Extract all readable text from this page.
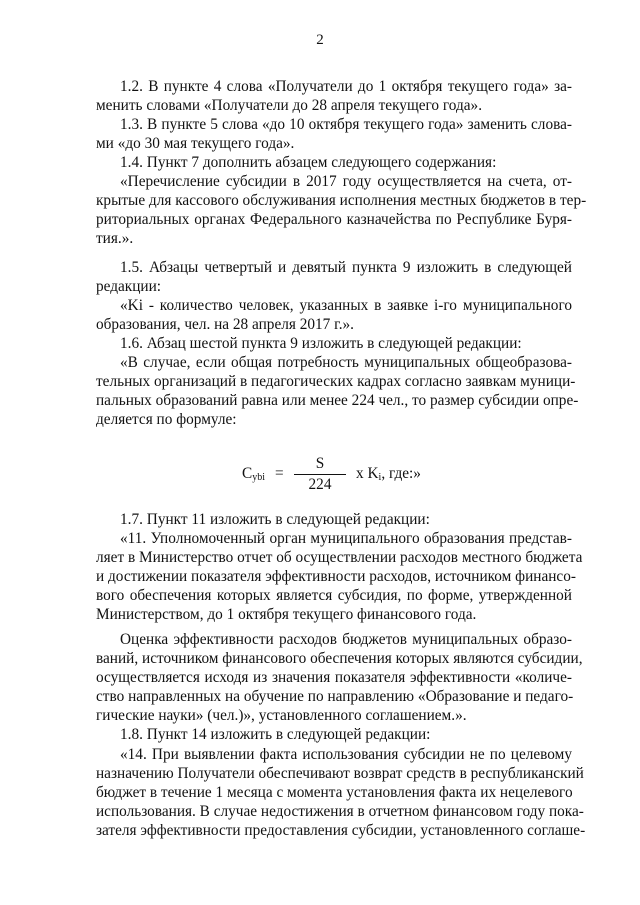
2
1.2. В пункте 4 слова «Получатели до 1 октября текущего года» за-
менить словами «Получатели до 28 апреля текущего года».
1.3. В пункте 5 слова «до 10 октября текущего года» заменить слова-
ми «до 30 мая текущего года».
1.4. Пункт 7 дополнить абзацем следующего содержания:
«Перечисление субсидии в 2017 году осуществляется на счета, от-
крытые для кассового обслуживания исполнения местных бюджетов в тер-
риториальных органах Федерального казначейства по Республике Буря-
тия.».
1.5. Абзацы четвертый и девятый пункта 9 изложить в следующей
редакции:
«Ki - количество человек, указанных в заявке i-го муниципального
образования, чел. на 28 апреля 2017 г.».
1.6. Абзац шестой пункта 9 изложить в следующей редакции:
«В случае, если общая потребность муниципальных общеобразова-
тельных организаций в педагогических кадрах согласно заявкам муници-
пальных образований равна или менее 224 чел., то размер субсидии опре-
деляется по формуле:
$С_{уbi}$ =
S
224
x $K_i$, где:»
1.7. Пункт 11 изложить в следующей редакции:
«11. Уполномоченный орган муниципального образования представ-
ляет в Министерство отчет об осуществлении расходов местного бюджета
и достижении показателя эффективности расходов, источником финансо-
вого обеспечения которых является субсидия, по форме, утвержденной
Министерством, до 1 октября текущего финансового года.
Оценка эффективности расходов бюджетов муниципальных образо-
ваний, источником финансового обеспечения которых являются субсидии,
осуществляется исходя из значения показателя эффективности «количе-
ство направленных на обучение по направлению «Образование и педаго-
гические науки» (чел.)», установленного соглашением.».
1.8. Пункт 14 изложить в следующей редакции:
«14. При выявлении факта использования субсидии не по целевому
назначению Получатели обеспечивают возврат средств в республиканский
бюджет в течение 1 месяца с момента установления факта их нецелевого
использования. В случае недостижения в отчетном финансовом году пока-
зателя эффективности предоставления субсидии, установленного соглаше-
